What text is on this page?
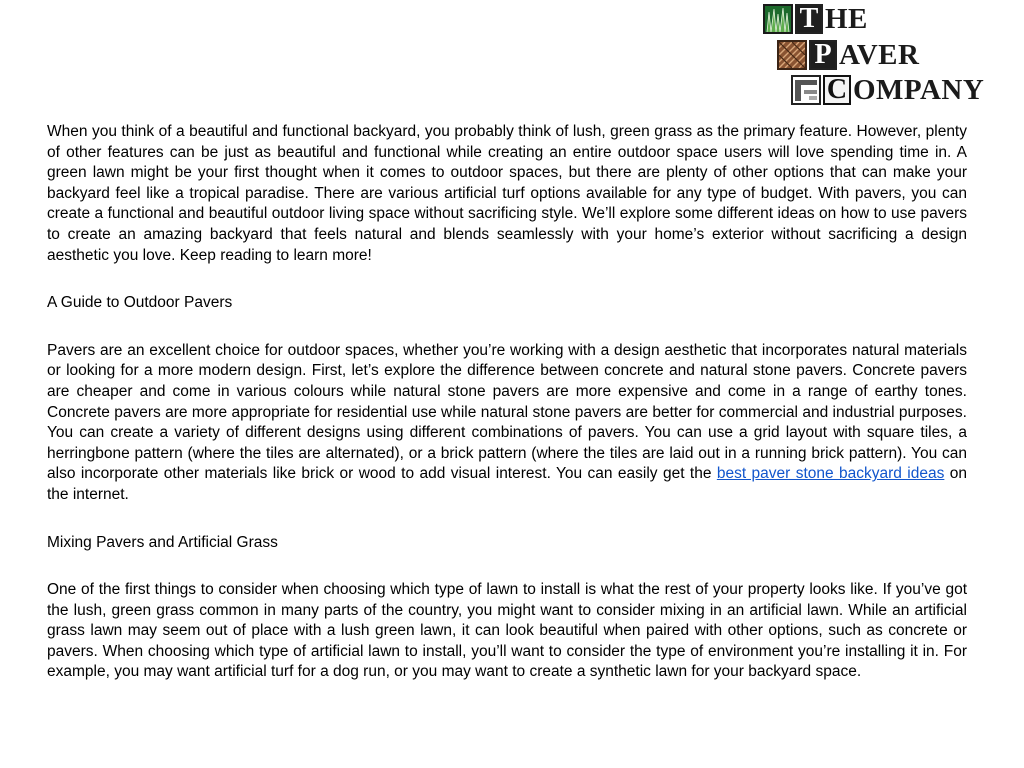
T HE
P AVER
C OMPANY

When you think of a beautiful and functional backyard, you probably think of lush, green grass as the primary feature. However, plenty of other features can be just as beautiful and functional while creating an entire outdoor space users will love spending time in. A green lawn might be your first thought when it comes to outdoor spaces, but there are plenty of other options that can make your backyard feel like a tropical paradise. There are various artificial turf options available for any type of budget. With pavers, you can create a functional and beautiful outdoor living space without sacrificing style. We’ll explore some different ideas on how to use pavers to create an amazing backyard that feels natural and blends seamlessly with your home’s exterior without sacrificing a design aesthetic you love. Keep reading to learn more!

A Guide to Outdoor Pavers

Pavers are an excellent choice for outdoor spaces, whether you’re working with a design aesthetic that incorporates natural materials or looking for a more modern design. First, let’s explore the difference between concrete and natural stone pavers. Concrete pavers are cheaper and come in various colours while natural stone pavers are more expensive and come in a range of earthy tones. Concrete pavers are more appropriate for residential use while natural stone pavers are better for commercial and industrial purposes. You can create a variety of different designs using different combinations of pavers. You can use a grid layout with square tiles, a herringbone pattern (where the tiles are alternated), or a brick pattern (where the tiles are laid out in a running brick pattern). You can also incorporate other materials like brick or wood to add visual interest. You can easily get the best paver stone backyard ideas on the internet.

Mixing Pavers and Artificial Grass

One of the first things to consider when choosing which type of lawn to install is what the rest of your property looks like. If you’ve got the lush, green grass common in many parts of the country, you might want to consider mixing in an artificial lawn. While an artificial grass lawn may seem out of place with a lush green lawn, it can look beautiful when paired with other options, such as concrete or pavers. When choosing which type of artificial lawn to install, you’ll want to consider the type of environment you’re installing it in. For example, you may want artificial turf for a dog run, or you may want to create a synthetic lawn for your backyard space.
